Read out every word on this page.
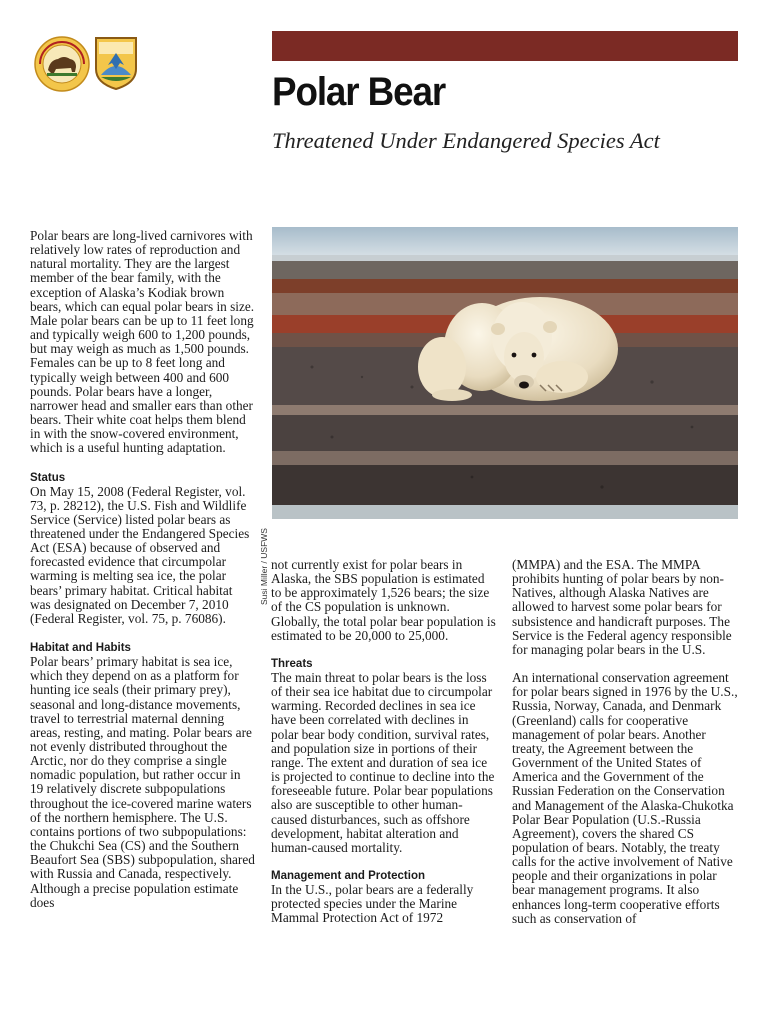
Polar Bear
Threatened Under Endangered Species Act
Susi Miller / USFWS

Polar bears are long-lived carnivores with relatively low rates of reproduction and natural mortality. They are the largest member of the bear family, with the exception of Alaska’s Kodiak brown bears, which can equal polar bears in size. Male polar bears can be up to 11 feet long and typically weigh 600 to 1,200 pounds, but may weigh as much as 1,500 pounds. Females can be up to 8 feet long and typically weigh between 400 and 600 pounds. Polar bears have a longer, narrower head and smaller ears than other bears. Their white coat helps them blend in with the snow-covered environment, which is a useful hunting adaptation.

Status

On May 15, 2008 (Federal Register, vol. 73, p. 28212), the U.S. Fish and Wildlife Service (Service) listed polar bears as threatened under the Endangered Species Act (ESA) because of observed and forecasted evidence that circumpolar warming is melting sea ice, the polar bears’ primary habitat. Critical habitat was designated on December 7, 2010 (Federal Register, vol. 75, p. 76086).

Habitat and Habits

Polar bears’ primary habitat is sea ice, which they depend on as a platform for hunting ice seals (their primary prey), seasonal and long-distance movements, travel to terrestrial maternal denning areas, resting, and mating. Polar bears are not evenly distributed throughout the Arctic, nor do they comprise a single nomadic population, but rather occur in 19 relatively discrete subpopulations throughout the ice-covered marine waters of the northern hemisphere. The U.S. contains portions of two subpopulations: the Chukchi Sea (CS) and the Southern Beaufort Sea (SBS) subpopulation, shared with Russia and Canada, respectively. Although a precise population estimate does

not currently exist for polar bears in Alaska, the SBS population is estimated to be approximately 1,526 bears; the size of the CS population is unknown. Globally, the total polar bear population is estimated to be 20,000 to 25,000.

Threats

The main threat to polar bears is the loss of their sea ice habitat due to circumpolar warming. Recorded declines in sea ice have been correlated with declines in polar bear body condition, survival rates, and population size in portions of their range. The extent and duration of sea ice is projected to continue to decline into the foreseeable future. Polar bear populations also are susceptible to other human-caused disturbances, such as offshore development, habitat alteration and human-caused mortality.

Management and Protection

In the U.S., polar bears are a federally protected species under the Marine Mammal Protection Act of 1972

(MMPA) and the ESA. The MMPA prohibits hunting of polar bears by non-Natives, although Alaska Natives are allowed to harvest some polar bears for subsistence and handicraft purposes. The Service is the Federal agency responsible for managing polar bears in the U.S.

An international conservation agreement for polar bears signed in 1976 by the U.S., Russia, Norway, Canada, and Denmark (Greenland) calls for cooperative management of polar bears. Another treaty, the Agreement between the Government of the United States of America and the Government of the Russian Federation on the Conservation and Management of the Alaska-Chukotka Polar Bear Population (U.S.-Russia Agreement), covers the shared CS population of bears. Notably, the treaty calls for the active involvement of Native people and their organizations in polar bear management programs. It also enhances long-term cooperative efforts such as conservation of
